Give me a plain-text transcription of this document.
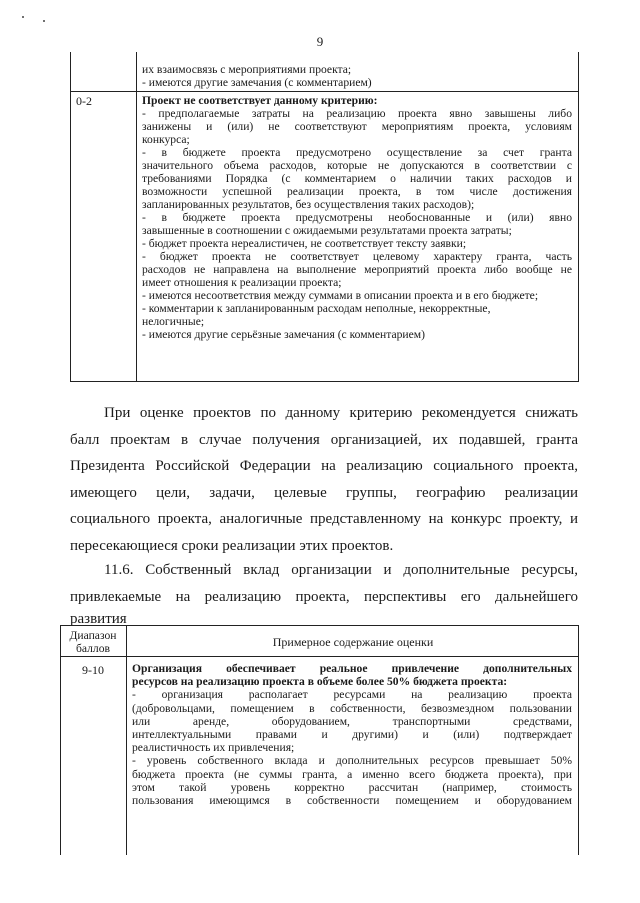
9
их взаимосвязь с мероприятиями проекта;
- имеются другие замечания (с комментарием)
0-2	Проект не соответствует данному критерию:
- предполагаемые затраты на реализацию проекта явно завышены либо
занижены и (или) не соответствуют мероприятиям проекта, условиям
конкурса;
- в бюджете проекта предусмотрено осуществление за счет гранта
значительного объема расходов, которые не допускаются в соответствии с
требованиями Порядка (с комментарием о наличии таких расходов и
возможности успешной реализации проекта, в том числе достижения
запланированных результатов, без осуществления таких расходов);
- в бюджете проекта предусмотрены необоснованные и (или) явно
завышенные в соотношении с ожидаемыми результатами проекта затраты;
- бюджет проекта нереалистичен, не соответствует тексту заявки;
- бюджет проекта не соответствует целевому характеру гранта, часть
расходов не направлена на выполнение мероприятий проекта либо вообще не
имеет отношения к реализации проекта;
- имеются несоответствия между суммами в описании проекта и в его бюджете;
- комментарии к запланированным расходам неполные, некорректные,
нелогичные;
- имеются другие серьёзные замечания (с комментарием)
При оценке проектов по данному критерию рекомендуется снижать
балл проектам в случае получения организацией, их подавшей, гранта
Президента Российской Федерации на реализацию социального проекта,
имеющего цели, задачи, целевые группы, географию реализации
социального проекта, аналогичные представленному на конкурс проекту, и
пересекающиеся сроки реализации этих проектов.
11.6. Собственный вклад организации и дополнительные ресурсы,
привлекаемые на реализацию проекта, перспективы его дальнейшего
развития
Диапазон
баллов	Примерное содержание оценки
9-10	Организация обеспечивает реальное привлечение дополнительных
ресурсов на реализацию проекта в объеме более 50% бюджета проекта:
- организация располагает ресурсами на реализацию проекта
(добровольцами, помещением в собственности, безвозмездном пользовании
или аренде, оборудованием, транспортными средствами,
интеллектуальными правами и другими) и (или) подтверждает
реалистичность их привлечения;
- уровень собственного вклада и дополнительных ресурсов превышает 50%
бюджета проекта (не суммы гранта, а именно всего бюджета проекта), при
этом такой уровень корректно рассчитан (например, стоимость
пользования имеющимся в собственности помещением и оборудованием
